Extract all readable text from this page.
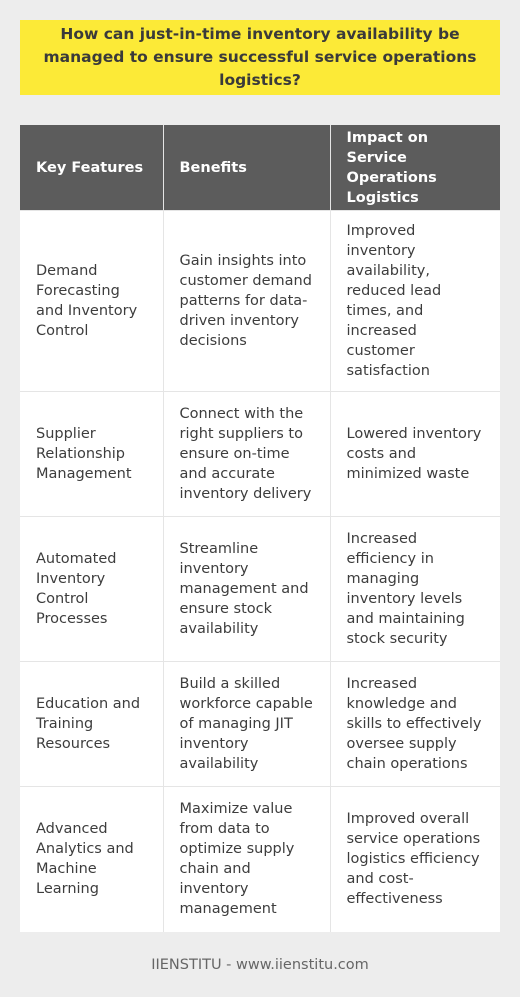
How can just-in-time inventory availability be managed to ensure successful service operations logistics?
Key Features	Benefits	Impact on Service Operations Logistics
Demand Forecasting and Inventory Control	Gain insights into customer demand patterns for data-driven inventory decisions	Improved inventory availability, reduced lead times, and increased customer satisfaction
Supplier Relationship Management	Connect with the right suppliers to ensure on-time and accurate inventory delivery	Lowered inventory costs and minimized waste
Automated Inventory Control Processes	Streamline inventory management and ensure stock availability	Increased efficiency in managing inventory levels and maintaining stock security
Education and Training Resources	Build a skilled workforce capable of managing JIT inventory availability	Increased knowledge and skills to effectively oversee supply chain operations
Advanced Analytics and Machine Learning	Maximize value from data to optimize supply chain and inventory management	Improved overall service operations logistics efficiency and cost-effectiveness
IIENSTITU - www.iienstitu.com
